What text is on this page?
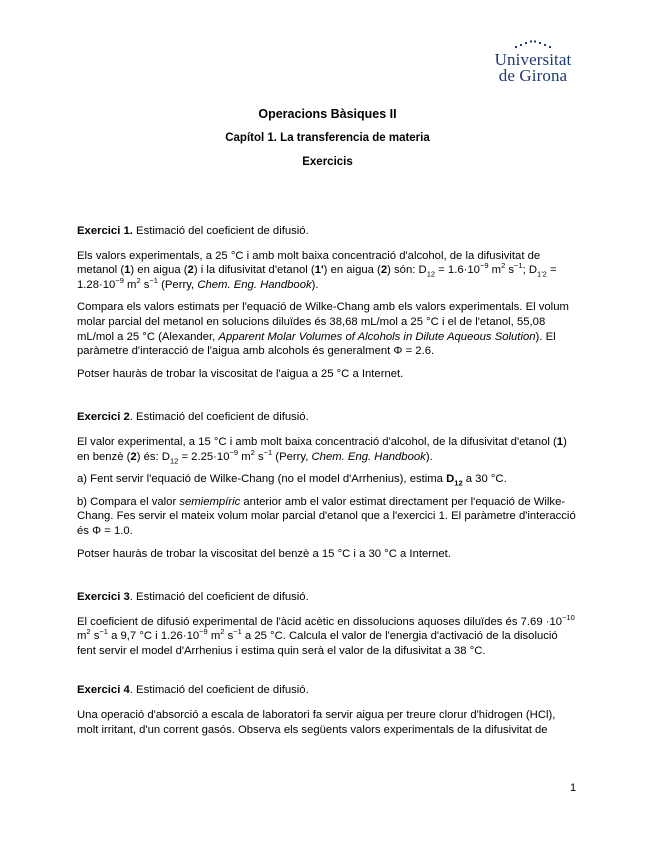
Universitat
de Girona
Operacions Bàsiques II
Capítol 1. La transferencia de materia
Exercicis

Exercici 1. Estimació del coeficient de difusió.

Els valors experimentals, a 25 °C i amb molt baixa concentració d'alcohol, de la difusivitat de metanol (1) en aigua (2) i la difusivitat d'etanol (1') en aigua (2) són: $D_{12} = 1.6\cdot 10^{-9}$ $m^2$ $s^{-1}$; $D_{1'2} = 1.28\cdot 10^{-9}$ $m^2$ $s^{-1}$ (Perry, Chem. Eng. Handbook).

Compara els valors estimats per l'equació de Wilke-Chang amb els valors experimentals. El volum molar parcial del metanol en solucions diluïdes és 38,68 mL/mol a 25 °C i el de l'etanol, 55,08 mL/mol a 25 °C (Alexander, Apparent Molar Volumes of Alcohols in Dilute Aqueous Solution). El paràmetre d'interacció de l'aigua amb alcohols és generalment Φ = 2.6.

Potser hauràs de trobar la viscositat de l'aigua a 25 °C a Internet.

Exercici 2. Estimació del coeficient de difusió.

El valor experimental, a 15 °C i amb molt baixa concentració d'alcohol, de la difusivitat d'etanol (1) en benzè (2) és: $D_{12} = 2.25\cdot 10^{-9}$ $m^2$ $s^{-1}$ (Perry, Chem. Eng. Handbook).

a) Fent servir l'equació de Wilke-Chang (no el model d'Arrhenius), estima $D_{12}$ a 30 °C.

b) Compara el valor semiempíric anterior amb el valor estimat directament per l'equació de Wilke-Chang. Fes servir el mateix volum molar parcial d'etanol que a l'exercici 1. El paràmetre d'interacció és Φ = 1.0.

Potser hauràs de trobar la viscositat del benzè a 15 °C i a 30 °C a Internet.

Exercici 3. Estimació del coeficient de difusió.

El coeficient de difusió experimental de l'àcid acètic en dissolucions aquoses diluïdes és $7.69 \cdot 10^{-10}$ $m^2$ $s^{-1}$ a 9,7 °C i $1.26\cdot 10^{-9}$ $m^2$ $s^{-1}$ a 25 °C. Calcula el valor de l'energia d'activació de la disolució fent servir el model d'Arrhenius i estima quin serà el valor de la difusivitat a 38 °C.

Exercici 4. Estimació del coeficient de difusió.

Una operació d'absorció a escala de laboratori fa servir aigua per treure clorur d'hidrogen (HCl), molt irritant, d'un corrent gasós. Observa els següents valors experimentals de la difusivitat de

1
